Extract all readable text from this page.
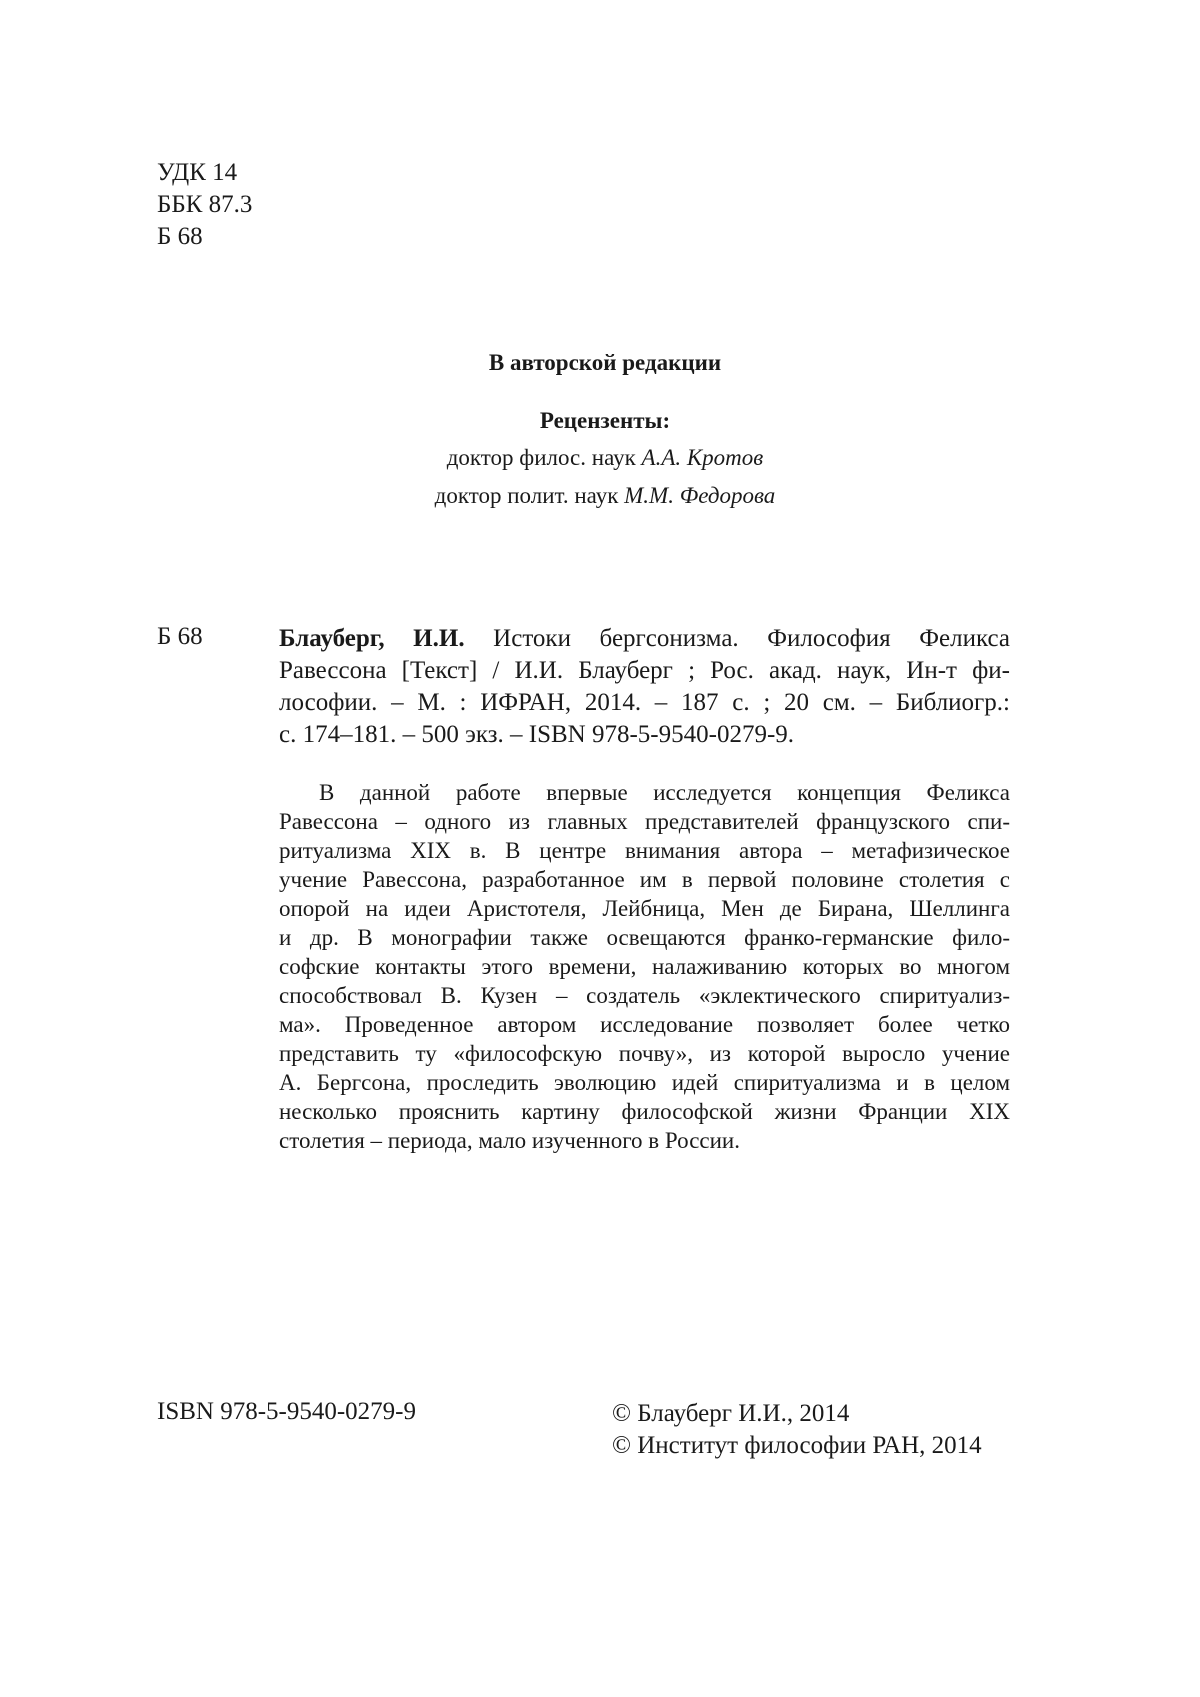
УДК 14
ББК 87.3
Б 68
В авторской редакции
Рецензенты:
доктор филос. наук А.А. Кротов
доктор полит. наук М.М. Федорова
Б 68	Блауберг, И.И. Истоки бергсонизма. Философия Феликса
Равессона [Текст] / И.И. Блауберг ; Рос. акад. наук, Ин-т фи-
лософии. – М. : ИФРАН, 2014. – 187 с. ; 20 см. – Библиогр.:
с. 174–181. – 500 экз. – ISBN 978-5-9540-0279-9.
В данной работе впервые исследуется концепция Феликса
Равессона – одного из главных представителей французского спи-
ритуализма XIX в. В центре внимания автора – метафизическое
учение Равессона, разработанное им в первой половине столетия с
опорой на идеи Аристотеля, Лейбница, Мен де Бирана, Шеллинга
и др. В монографии также освещаются франко-германские фило-
софские контакты этого времени, налаживанию которых во многом
способствовал В. Кузен – создатель «эклектического спиритуализ-
ма». Проведенное автором исследование позволяет более четко
представить ту «философскую почву», из которой выросло учение
А. Бергсона, проследить эволюцию идей спиритуализма и в целом
несколько прояснить картину философской жизни Франции XIX
столетия – периода, мало изученного в России.
ISBN 978-5-9540-0279-9	© Блауберг И.И., 2014
© Институт философии РАН, 2014
